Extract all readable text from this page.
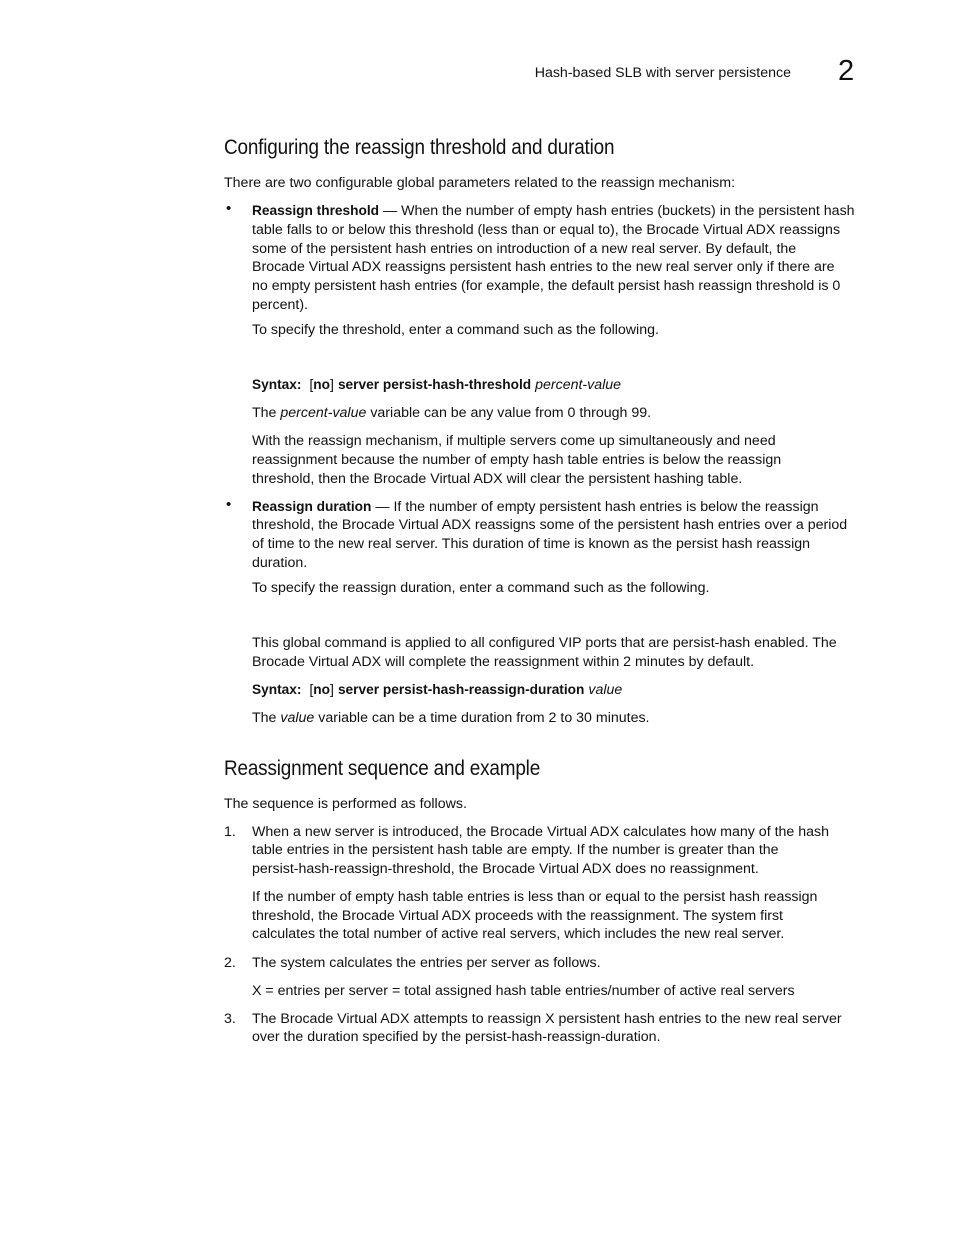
Hash-based SLB with server persistence 2
Configuring the reassign threshold and duration

There are two configurable global parameters related to the reassign mechanism:

• Reassign threshold — When the number of empty hash entries (buckets) in the persistent hash

table falls to or below this threshold (less than or equal to), the Brocade Virtual ADX reassigns

some of the persistent hash entries on introduction of a new real server. By default, the

Brocade Virtual ADX reassigns persistent hash entries to the new real server only if there are

no empty persistent hash entries (for example, the default persist hash reassign threshold is 0

percent).

To specify the threshold, enter a command such as the following.

Syntax: [no] server persist-hash-threshold percent-value

The percent-value variable can be any value from 0 through 99.

With the reassign mechanism, if multiple servers come up simultaneously and need

reassignment because the number of empty hash table entries is below the reassign

threshold, then the Brocade Virtual ADX will clear the persistent hashing table.

• Reassign duration — If the number of empty persistent hash entries is below the reassign

threshold, the Brocade Virtual ADX reassigns some of the persistent hash entries over a period

of time to the new real server. This duration of time is known as the persist hash reassign

duration.

To specify the reassign duration, enter a command such as the following.

This global command is applied to all configured VIP ports that are persist-hash enabled. The

Brocade Virtual ADX will complete the reassignment within 2 minutes by default.

Syntax: [no] server persist-hash-reassign-duration value

The value variable can be a time duration from 2 to 30 minutes.

Reassignment sequence and example

The sequence is performed as follows.

1. When a new server is introduced, the Brocade Virtual ADX calculates how many of the hash

table entries in the persistent hash table are empty. If the number is greater than the

persist-hash-reassign-threshold, the Brocade Virtual ADX does no reassignment.

If the number of empty hash table entries is less than or equal to the persist hash reassign

threshold, the Brocade Virtual ADX proceeds with the reassignment. The system first

calculates the total number of active real servers, which includes the new real server.

2. The system calculates the entries per server as follows.

X = entries per server = total assigned hash table entries/number of active real servers

3. The Brocade Virtual ADX attempts to reassign X persistent hash entries to the new real server

over the duration specified by the persist-hash-reassign-duration.
